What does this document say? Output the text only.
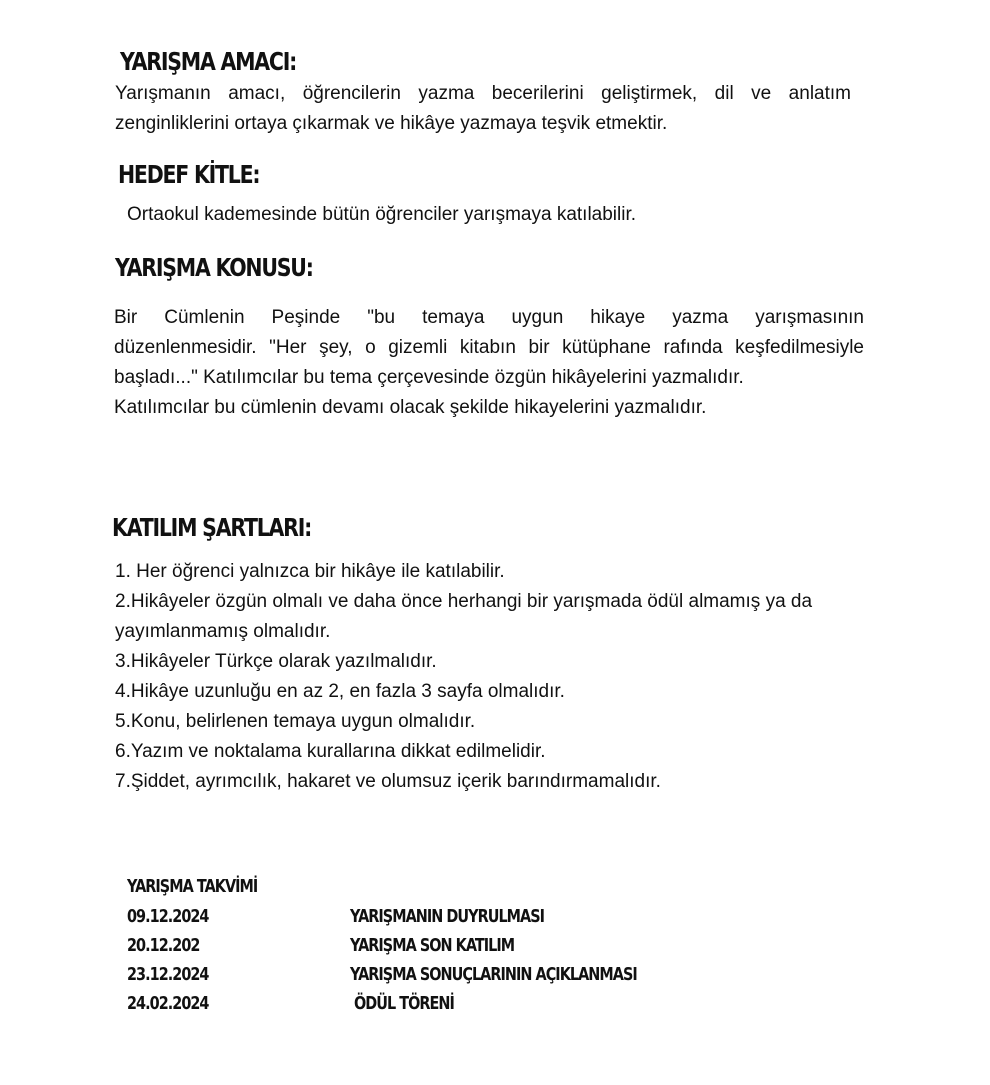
YARIŞMA AMACI:
Yarışmanın amacı, öğrencilerin yazma becerilerini geliştirmek, dil ve anlatım
zenginliklerini ortaya çıkarmak ve hikâye yazmaya teşvik etmektir.
HEDEF KİTLE:
Ortaokul kademesinde bütün öğrenciler yarışmaya katılabilir.
YARIŞMA KONUSU:
Bir Cümlenin Peşinde "bu temaya uygun hikaye yazma yarışmasının
düzenlenmesidir. "Her şey, o gizemli kitabın bir kütüphane rafında keşfedilmesiyle
başladı..." Katılımcılar bu tema çerçevesinde özgün hikâyelerini yazmalıdır.
Katılımcılar bu cümlenin devamı olacak şekilde hikayelerini yazmalıdır.
KATILIM ŞARTLARI:
1. Her öğrenci yalnızca bir hikâye ile katılabilir.
2.Hikâyeler özgün olmalı ve daha önce herhangi bir yarışmada ödül almamış ya da
yayımlanmamış olmalıdır.
3.Hikâyeler Türkçe olarak yazılmalıdır.
4.Hikâye uzunluğu en az 2, en fazla 3 sayfa olmalıdır.
5.Konu, belirlenen temaya uygun olmalıdır.
6.Yazım ve noktalama kurallarına dikkat edilmelidir.
7.Şiddet, ayrımcılık, hakaret ve olumsuz içerik barındırmamalıdır.
YARIŞMA TAKVİMİ
09.12.2024	YARIŞMANIN DUYRULMASI
20.12.202	YARIŞMA SON KATILIM
23.12.2024	YARIŞMA SONUÇLARININ AÇIKLANMASI
24.02.2024	ÖDÜL TÖRENİ
